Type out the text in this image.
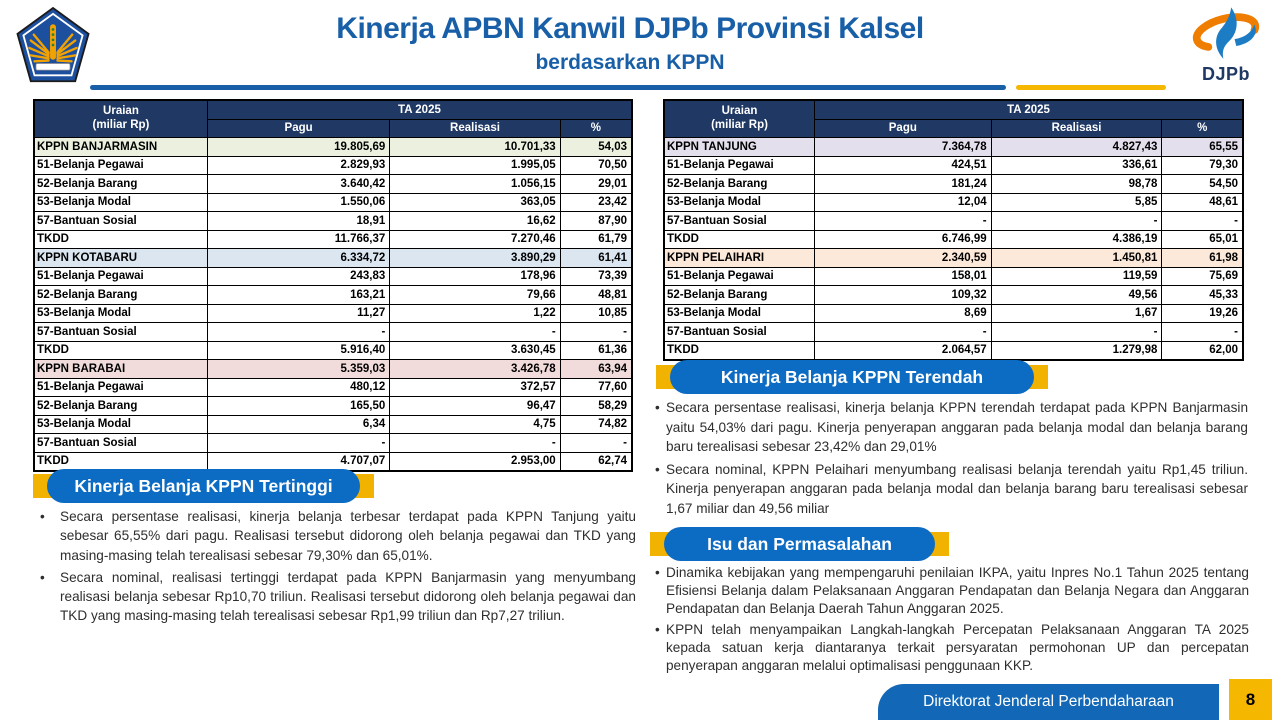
Kinerja APBN Kanwil DJPb Provinsi Kalsel
berdasarkan KPPN	DJPb
Uraian
(miliar Rp)	TA 2025		
	Pagu	Realisasi	%
KPPN BANJARMASIN	19.805,69	10.701,33	54,03
51-Belanja Pegawai	2.829,93	1.995,05	70,50
52-Belanja Barang	3.640,42	1.056,15	29,01
53-Belanja Modal	1.550,06	363,05	23,42
57-Bantuan Sosial	18,91	16,62	87,90
TKDD	11.766,37	7.270,46	61,79
KPPN KOTABARU	6.334,72	3.890,29	61,41
51-Belanja Pegawai	243,83	178,96	73,39
52-Belanja Barang	163,21	79,66	48,81
53-Belanja Modal	11,27	1,22	10,85
57-Bantuan Sosial	-	-	-
TKDD	5.916,40	3.630,45	61,36
KPPN BARABAI	5.359,03	3.426,78	63,94
51-Belanja Pegawai	480,12	372,57	77,60
52-Belanja Barang	165,50	96,47	58,29
53-Belanja Modal	6,34	4,75	74,82
57-Bantuan Sosial	-	-	-
TKDD	4.707,07	2.953,00	62,74
Uraian
(miliar Rp)	TA 2025		
	Pagu	Realisasi	%
KPPN TANJUNG	7.364,78	4.827,43	65,55
51-Belanja Pegawai	424,51	336,61	79,30
52-Belanja Barang	181,24	98,78	54,50
53-Belanja Modal	12,04	5,85	48,61
57-Bantuan Sosial	-	-	-
TKDD	6.746,99	4.386,19	65,01
KPPN PELAIHARI	2.340,59	1.450,81	61,98
51-Belanja Pegawai	158,01	119,59	75,69
52-Belanja Barang	109,32	49,56	45,33
53-Belanja Modal	8,69	1,67	19,26
57-Bantuan Sosial	-	-	-
TKDD	2.064,57	1.279,98	62,00
Kinerja Belanja KPPN Tertinggi
Kinerja Belanja KPPN Terendah
Isu dan Permasalahan
• Secara persentase realisasi, kinerja belanja terbesar terdapat pada KPPN Tanjung yaitu sebesar 65,55% dari pagu. Realisasi tersebut didorong oleh belanja pegawai dan TKD yang masing-masing telah terealisasi sebesar 79,30% dan 65,01%.
• Secara nominal, realisasi tertinggi terdapat pada KPPN Banjarmasin yang menyumbang realisasi belanja sebesar Rp10,70 triliun. Realisasi tersebut didorong oleh belanja pegawai dan TKD yang masing-masing telah terealisasi sebesar Rp1,99 triliun dan Rp7,27 triliun.
• Secara persentase realisasi, kinerja belanja KPPN terendah terdapat pada KPPN Banjarmasin yaitu 54,03% dari pagu. Kinerja penyerapan anggaran pada belanja modal dan belanja barang baru terealisasi sebesar 23,42% dan 29,01%
• Secara nominal, KPPN Pelaihari menyumbang realisasi belanja terendah yaitu Rp1,45 triliun. Kinerja penyerapan anggaran pada belanja modal dan belanja barang baru terealisasi sebesar 1,67 miliar dan 49,56 miliar
• Dinamika kebijakan yang mempengaruhi penilaian IKPA, yaitu Inpres No.1 Tahun 2025 tentang Efisiensi Belanja dalam Pelaksanaan Anggaran Pendapatan dan Belanja Negara dan Anggaran Pendapatan dan Belanja Daerah Tahun Anggaran 2025.
• KPPN telah menyampaikan Langkah-langkah Percepatan Pelaksanaan Anggaran TA 2025 kepada satuan kerja diantaranya terkait persyaratan permohonan UP dan percepatan penyerapan anggaran melalui optimalisasi penggunaan KKP.
Direktorat Jenderal Perbendaharaan	8
